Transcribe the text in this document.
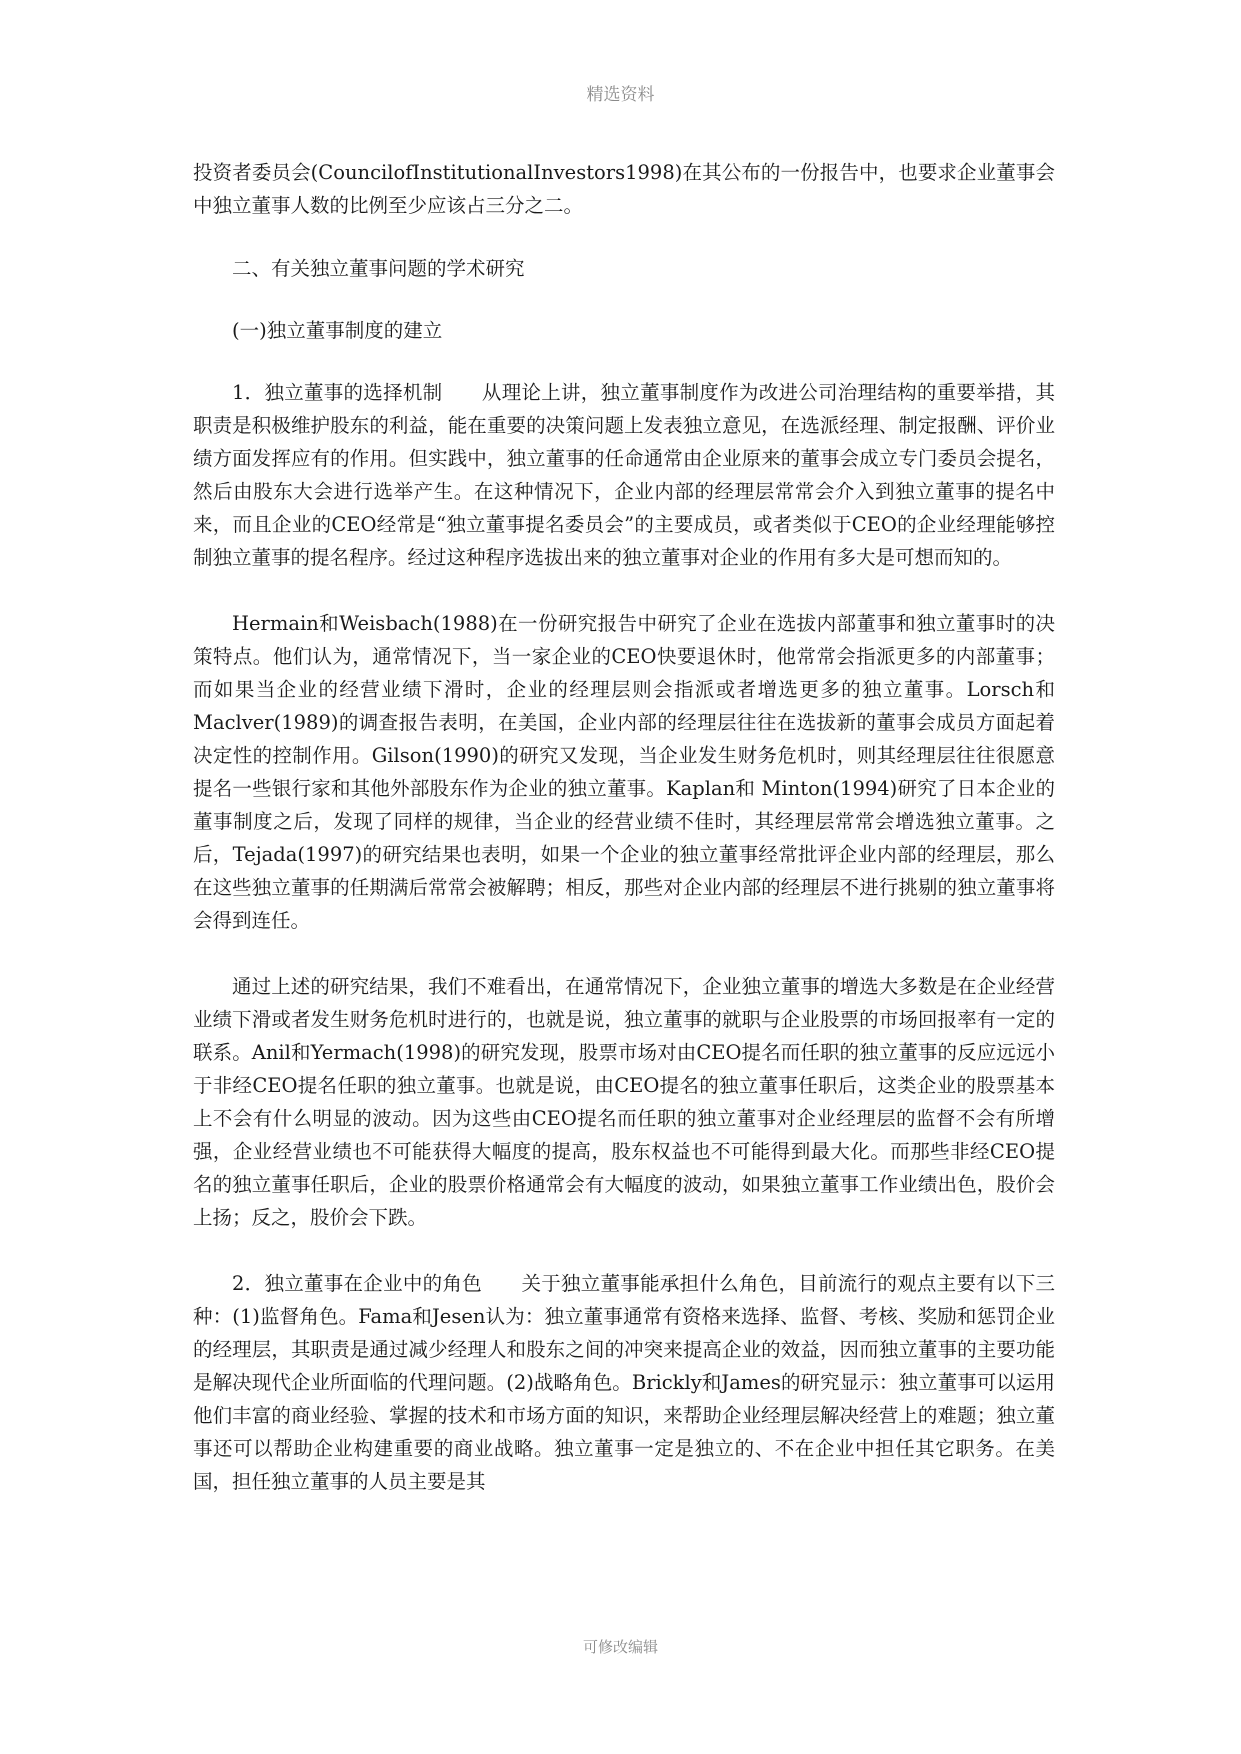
精选资料

投资者委员会(CouncilofInstitutionalInvestors1998)在其公布的一份报告中，也要求企业董事会中独立董事人数的比例至少应该占三分之二。

二、有关独立董事问题的学术研究

(一)独立董事制度的建立

1．独立董事的选择机制　　从理论上讲，独立董事制度作为改进公司治理结构的重要举措，其职责是积极维护股东的利益，能在重要的决策问题上发表独立意见，在选派经理、制定报酬、评价业绩方面发挥应有的作用。但实践中，独立董事的任命通常由企业原来的董事会成立专门委员会提名，然后由股东大会进行选举产生。在这种情况下，企业内部的经理层常常会介入到独立董事的提名中来，而且企业的CEO经常是“独立董事提名委员会”的主要成员，或者类似于CEO的企业经理能够控制独立董事的提名程序。经过这种程序选拔出来的独立董事对企业的作用有多大是可想而知的。

Hermain和Weisbach(1988)在一份研究报告中研究了企业在选拔内部董事和独立董事时的决策特点。他们认为，通常情况下，当一家企业的CEO快要退休时，他常常会指派更多的内部董事；而如果当企业的经营业绩下滑时，企业的经理层则会指派或者增选更多的独立董事。Lorsch和Maclver(1989)的调查报告表明，在美国，企业内部的经理层往往在选拔新的董事会成员方面起着决定性的控制作用。Gilson(1990)的研究又发现，当企业发生财务危机时，则其经理层往往很愿意提名一些银行家和其他外部股东作为企业的独立董事。Kaplan和 Minton(1994)研究了日本企业的董事制度之后，发现了同样的规律，当企业的经营业绩不佳时，其经理层常常会增选独立董事。之后，Tejada(1997)的研究结果也表明，如果一个企业的独立董事经常批评企业内部的经理层，那么在这些独立董事的任期满后常常会被解聘；相反，那些对企业内部的经理层不进行挑剔的独立董事将会得到连任。

通过上述的研究结果，我们不难看出，在通常情况下，企业独立董事的增选大多数是在企业经营业绩下滑或者发生财务危机时进行的，也就是说，独立董事的就职与企业股票的市场回报率有一定的联系。Anil和Yermach(1998)的研究发现，股票市场对由CEO提名而任职的独立董事的反应远远小于非经CEO提名任职的独立董事。也就是说，由CEO提名的独立董事任职后，这类企业的股票基本上不会有什么明显的波动。因为这些由CEO提名而任职的独立董事对企业经理层的监督不会有所增强，企业经营业绩也不可能获得大幅度的提高，股东权益也不可能得到最大化。而那些非经CEO提名的独立董事任职后，企业的股票价格通常会有大幅度的波动，如果独立董事工作业绩出色，股价会上扬；反之，股价会下跌。

2．独立董事在企业中的角色　　关于独立董事能承担什么角色，目前流行的观点主要有以下三种：(1)监督角色。Fama和Jesen认为：独立董事通常有资格来选择、监督、考核、奖励和惩罚企业的经理层，其职责是通过减少经理人和股东之间的冲突来提高企业的效益，因而独立董事的主要功能是解决现代企业所面临的代理问题。(2)战略角色。Brickly和James的研究显示：独立董事可以运用他们丰富的商业经验、掌握的技术和市场方面的知识，来帮助企业经理层解决经营上的难题；独立董事还可以帮助企业构建重要的商业战略。独立董事一定是独立的、不在企业中担任其它职务。在美国，担任独立董事的人员主要是其

可修改编辑
